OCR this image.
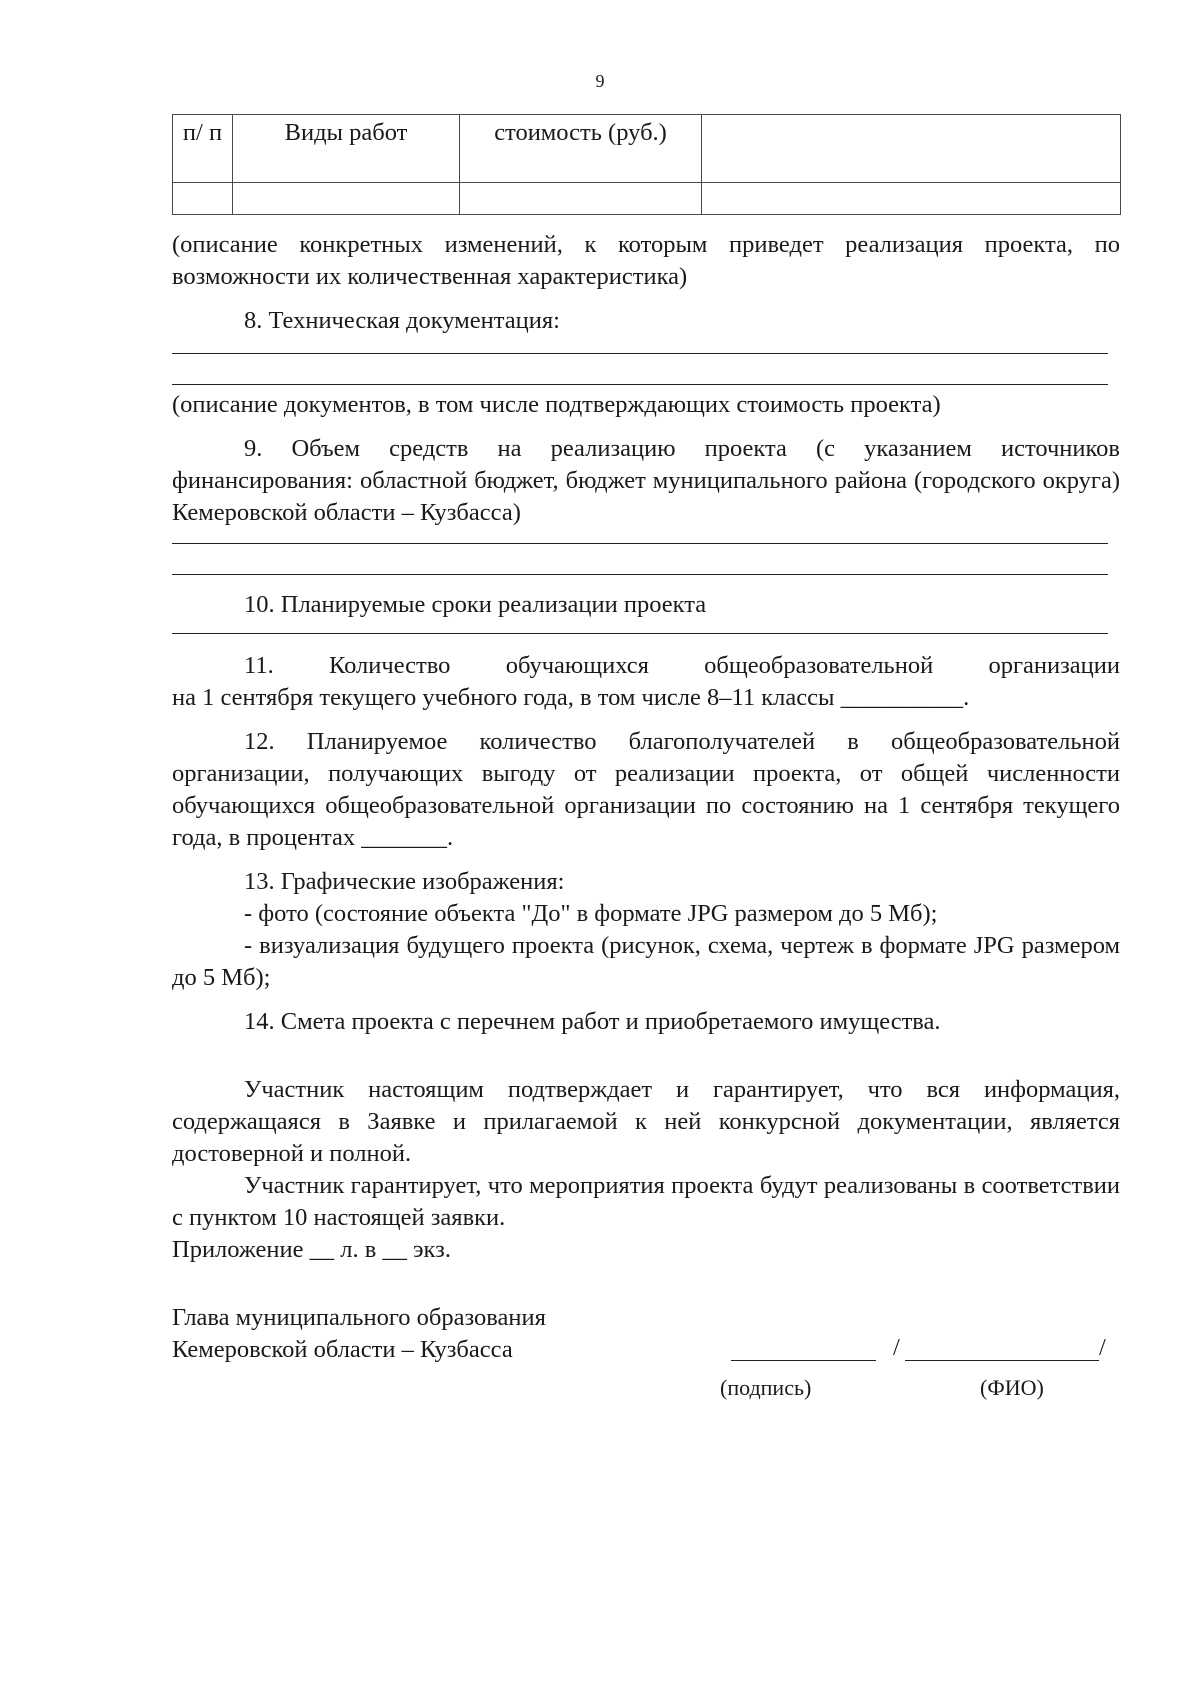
9
п/ п	Виды работ	стоимость (руб.)	

(описание конкретных изменений, к которым приведет реализация проекта, по возможности их количественная характеристика)

8. Техническая документация:

(описание документов, в том числе подтверждающих стоимость проекта)

9. Объем средств на реализацию проекта (с указанием источников финансирования: областной бюджет, бюджет муниципального района (городского округа) Кемеровской области – Кузбасса)

10. Планируемые сроки реализации проекта

11. Количество обучающихся общеобразовательной организации

на 1 сентября текущего учебного года, в том числе 8–11 классы __________.

12. Планируемое количество благополучателей в общеобразовательной организации, получающих выгоду от реализации проекта, от общей численности обучающихся общеобразовательной организации по состоянию на 1 сентября текущего года, в процентах _______.

13. Графические изображения:

- фото (состояние объекта "До" в формате JPG размером до 5 Мб);

- визуализация будущего проекта (рисунок, схема, чертеж в формате JPG размером до 5 Мб);

14. Смета проекта с перечнем работ и приобретаемого имущества.

Участник настоящим подтверждает и гарантирует, что вся информация, содержащаяся в Заявке и прилагаемой к ней конкурсной документации, является достоверной и полной.

Участник гарантирует, что мероприятия проекта будут реализованы в соответствии с пунктом 10 настоящей заявки.

Приложение __ л. в __ экз.

Глава муниципального образования
Кемеровской области – Кузбасса	/	/
(подпись)	(ФИО)
